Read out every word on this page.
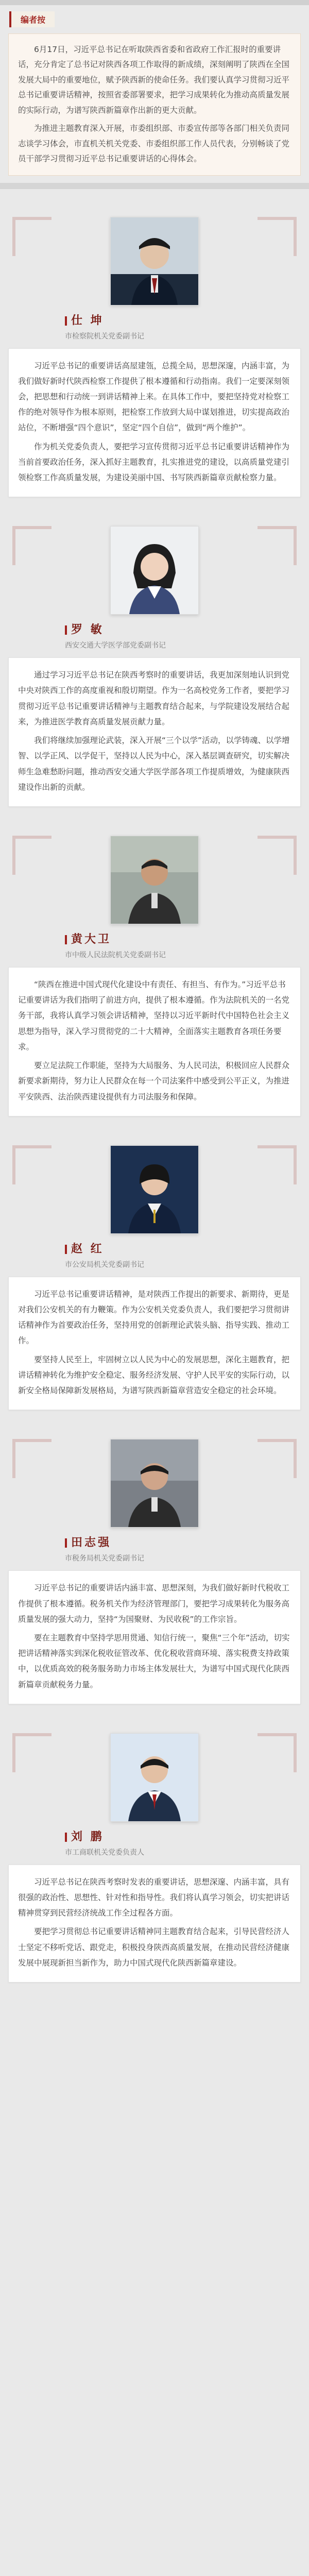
编者按

6月17日，习近平总书记在听取陕西省委和省政府工作汇报时的重要讲话，充分肯定了总书记对陕西各项工作取得的新成绩，深刻阐明了陕西在全国发展大局中的重要地位，赋予陕西新的使命任务。我们要认真学习贯彻习近平总书记重要讲话精神，按照省委部署要求，把学习成果转化为推动高质量发展的实际行动，为谱写陕西新篇章作出新的更大贡献。

为推进主题教育深入开展，市委组织部、市委宣传部等各部门相关负责同志谈学习体会，市直机关机关党委、市委组织部工作人员代表，分别畅谈了党员干部学习贯彻习近平总书记重要讲话的心得体会。

仕 坤
市检察院机关党委副书记

习近平总书记的重要讲话高屋建瓴，总揽全局，思想深邃，内涵丰富，为我们做好新时代陕西检察工作提供了根本遵循和行动指南。我们一定要深刻领会，把思想和行动统一到讲话精神上来。在具体工作中，要把坚持党对检察工作的绝对领导作为根本原则，把检察工作放到大局中谋划推进，切实提高政治站位，不断增强“四个意识”，坚定“四个自信”，做到“两个维护”。

作为机关党委负责人，要把学习宣传贯彻习近平总书记重要讲话精神作为当前首要政治任务，深入抓好主题教育，扎实推进党的建设，以高质量党建引领检察工作高质量发展，为建设美丽中国、书写陕西新篇章贡献检察力量。

罗 敏
西安交通大学医学部党委副书记

通过学习习近平总书记在陕西考察时的重要讲话，我更加深刻地认识到党中央对陕西工作的高度重视和殷切期望。作为一名高校党务工作者，要把学习贯彻习近平总书记重要讲话精神与主题教育结合起来，与学院建设发展结合起来，为推进医学教育高质量发展贡献力量。

我们将继续加强理论武装，深入开展“三个以学”活动，以学铸魂、以学增智、以学正风、以学促干，坚持以人民为中心，深入基层调查研究，切实解决师生急难愁盼问题，推动西安交通大学医学部各项工作提质增效，为健康陕西建设作出新的贡献。

黄大卫
市中级人民法院机关党委副书记

“陕西在推进中国式现代化建设中有责任、有担当、有作为。”习近平总书记重要讲话为我们指明了前进方向，提供了根本遵循。作为法院机关的一名党务干部，我将认真学习领会讲话精神，坚持以习近平新时代中国特色社会主义思想为指导，深入学习贯彻党的二十大精神，全面落实主题教育各项任务要求。

要立足法院工作职能，坚持为大局服务、为人民司法，积极回应人民群众新要求新期待，努力让人民群众在每一个司法案件中感受到公平正义，为推进平安陕西、法治陕西建设提供有力司法服务和保障。

赵 红
市公安局机关党委副书记

习近平总书记重要讲话精神，是对陕西工作提出的新要求、新期待，更是对我们公安机关的有力鞭策。作为公安机关党委负责人，我们要把学习贯彻讲话精神作为首要政治任务，坚持用党的创新理论武装头脑、指导实践、推动工作。

要坚持人民至上，牢固树立以人民为中心的发展思想，深化主题教育，把讲话精神转化为维护安全稳定、服务经济发展、守护人民平安的实际行动，以新安全格局保障新发展格局，为谱写陕西新篇章营造安全稳定的社会环境。

田志强
市税务局机关党委副书记

习近平总书记的重要讲话内涵丰富、思想深刻，为我们做好新时代税收工作提供了根本遵循。税务机关作为经济管理部门，要把学习成果转化为服务高质量发展的强大动力，坚持“为国聚财、为民收税”的工作宗旨。

要在主题教育中坚持学思用贯通、知信行统一，聚焦“三个年”活动，切实把讲话精神落实到深化税收征管改革、优化税收营商环境、落实税费支持政策中，以优质高效的税务服务助力市场主体发展壮大，为谱写中国式现代化陕西新篇章贡献税务力量。

刘 鹏
市工商联机关党委负责人

习近平总书记在陕西考察时发表的重要讲话，思想深邃、内涵丰富，具有很强的政治性、思想性、针对性和指导性。我们将认真学习领会，切实把讲话精神贯穿到民营经济统战工作全过程各方面。

要把学习贯彻总书记重要讲话精神同主题教育结合起来，引导民营经济人士坚定不移听党话、跟党走，积极投身陕西高质量发展，在推动民营经济健康发展中展现新担当新作为，助力中国式现代化陕西新篇章建设。
